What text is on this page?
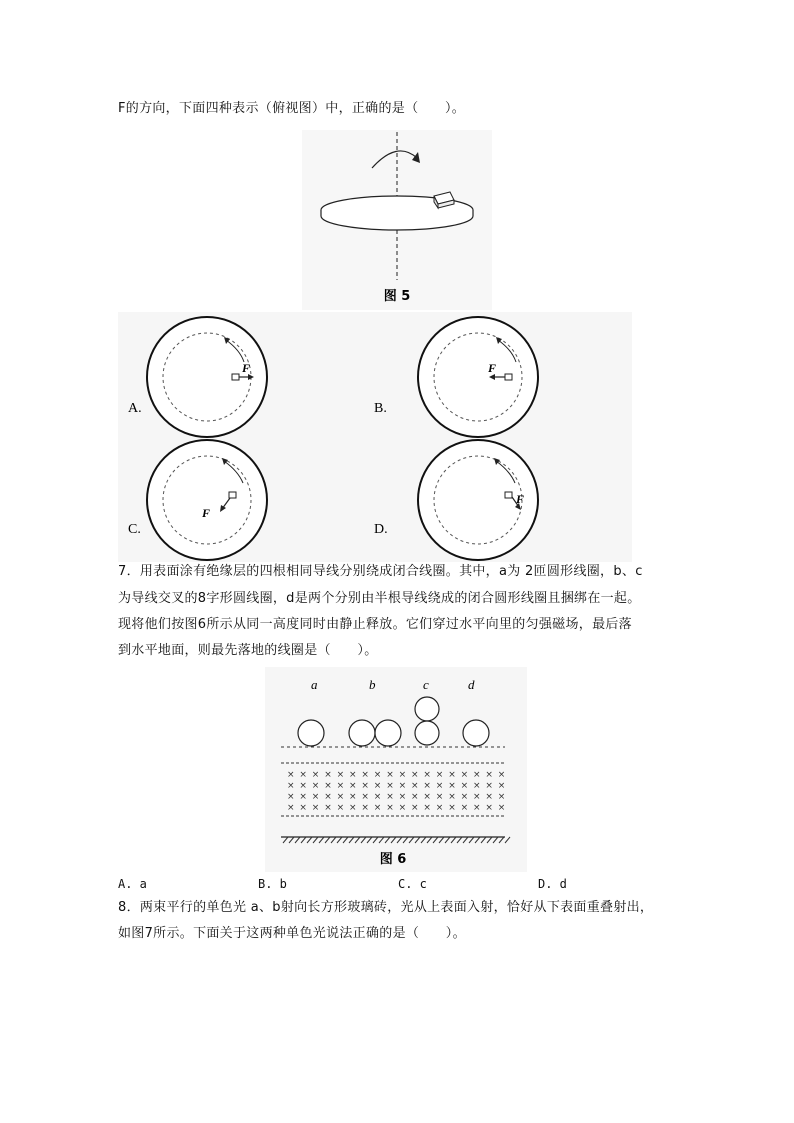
F的方向，下面四种表示（俯视图）中，正确的是（　　）。
图 5
F
A.
F
B.
F
C.
F
D.
7．用表面涂有绝缘层的四根相同导线分别绕成闭合线圈。其中，a为 2匝圆形线圈，b、c
为导线交叉的8字形圆线圈，d是两个分别由半根导线绕成的闭合圆形线圈且捆绑在一起。
现将他们按图6所示从同一高度同时由静止释放。它们穿过水平向里的匀强磁场，最后落
到水平地面，则最先落地的线圈是（　　）。
a	b	c	d
× × × × × × × × × × × × × × × × × ×
× × × × × × × × × × × × × × × × × ×
× × × × × × × × × × × × × × × × × ×
× × × × × × × × × × × × × × × × × ×
图 6
A. a	B. b	C. c	D. d
8．两束平行的单色光 a、b射向长方形玻璃砖，光从上表面入射，恰好从下表面重叠射出，
如图7所示。下面关于这两种单色光说法正确的是（　　）。
